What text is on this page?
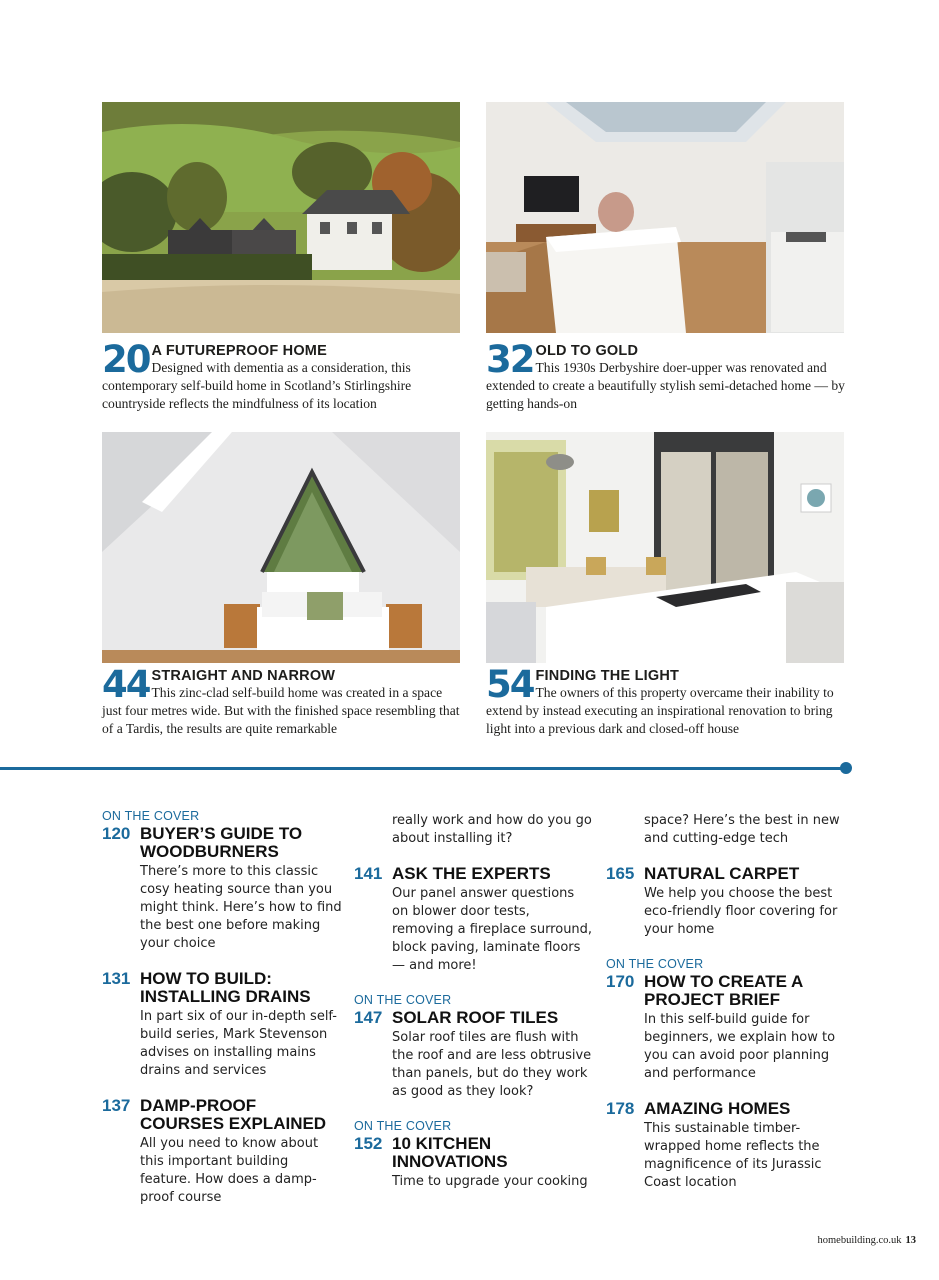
20 A FUTUREPROOF HOME
Designed with dementia as a consideration, this contemporary self-build home in Scotland’s Stirlingshire countryside reflects the mindfulness of its location
32 OLD TO GOLD
This 1930s Derbyshire doer-upper was renovated and extended to create a beautifully stylish semi-detached home — by getting hands-on
44 STRAIGHT AND NARROW
This zinc-clad self-build home was created in a space just four metres wide. But with the finished space resembling that of a Tardis, the results are quite remarkable
54 FINDING THE LIGHT
The owners of this property overcame their inability to extend by instead executing an inspirational renovation to bring light into a previous dark and closed-off house
ON THE COVER
120 BUYER’S GUIDE TO WOODBURNERS
There’s more to this classic cosy heating source than you might think. Here’s how to find the best one before making your choice
131 HOW TO BUILD: INSTALLING DRAINS
In part six of our in-depth self-build series, Mark Stevenson advises on installing mains drains and services
137 DAMP-PROOF COURSES EXPLAINED
All you need to know about this important building feature. How does a damp-proof course
really work and how do you go about installing it?
141 ASK THE EXPERTS
Our panel answer questions on blower door tests, removing a fireplace surround, block paving, laminate floors — and more!
ON THE COVER
147 SOLAR ROOF TILES
Solar roof tiles are flush with the roof and are less obtrusive than panels, but do they work as good as they look?
ON THE COVER
152 10 KITCHEN INNOVATIONS
Time to upgrade your cooking
space? Here’s the best in new and cutting-edge tech
165 NATURAL CARPET
We help you choose the best eco-friendly floor covering for your home
ON THE COVER
170 HOW TO CREATE A PROJECT BRIEF
In this self-build guide for beginners, we explain how to you can avoid poor planning and performance
178 AMAZING HOMES
This sustainable timber-wrapped home reflects the magnificence of its Jurassic Coast location
homebuilding.co.uk 13
